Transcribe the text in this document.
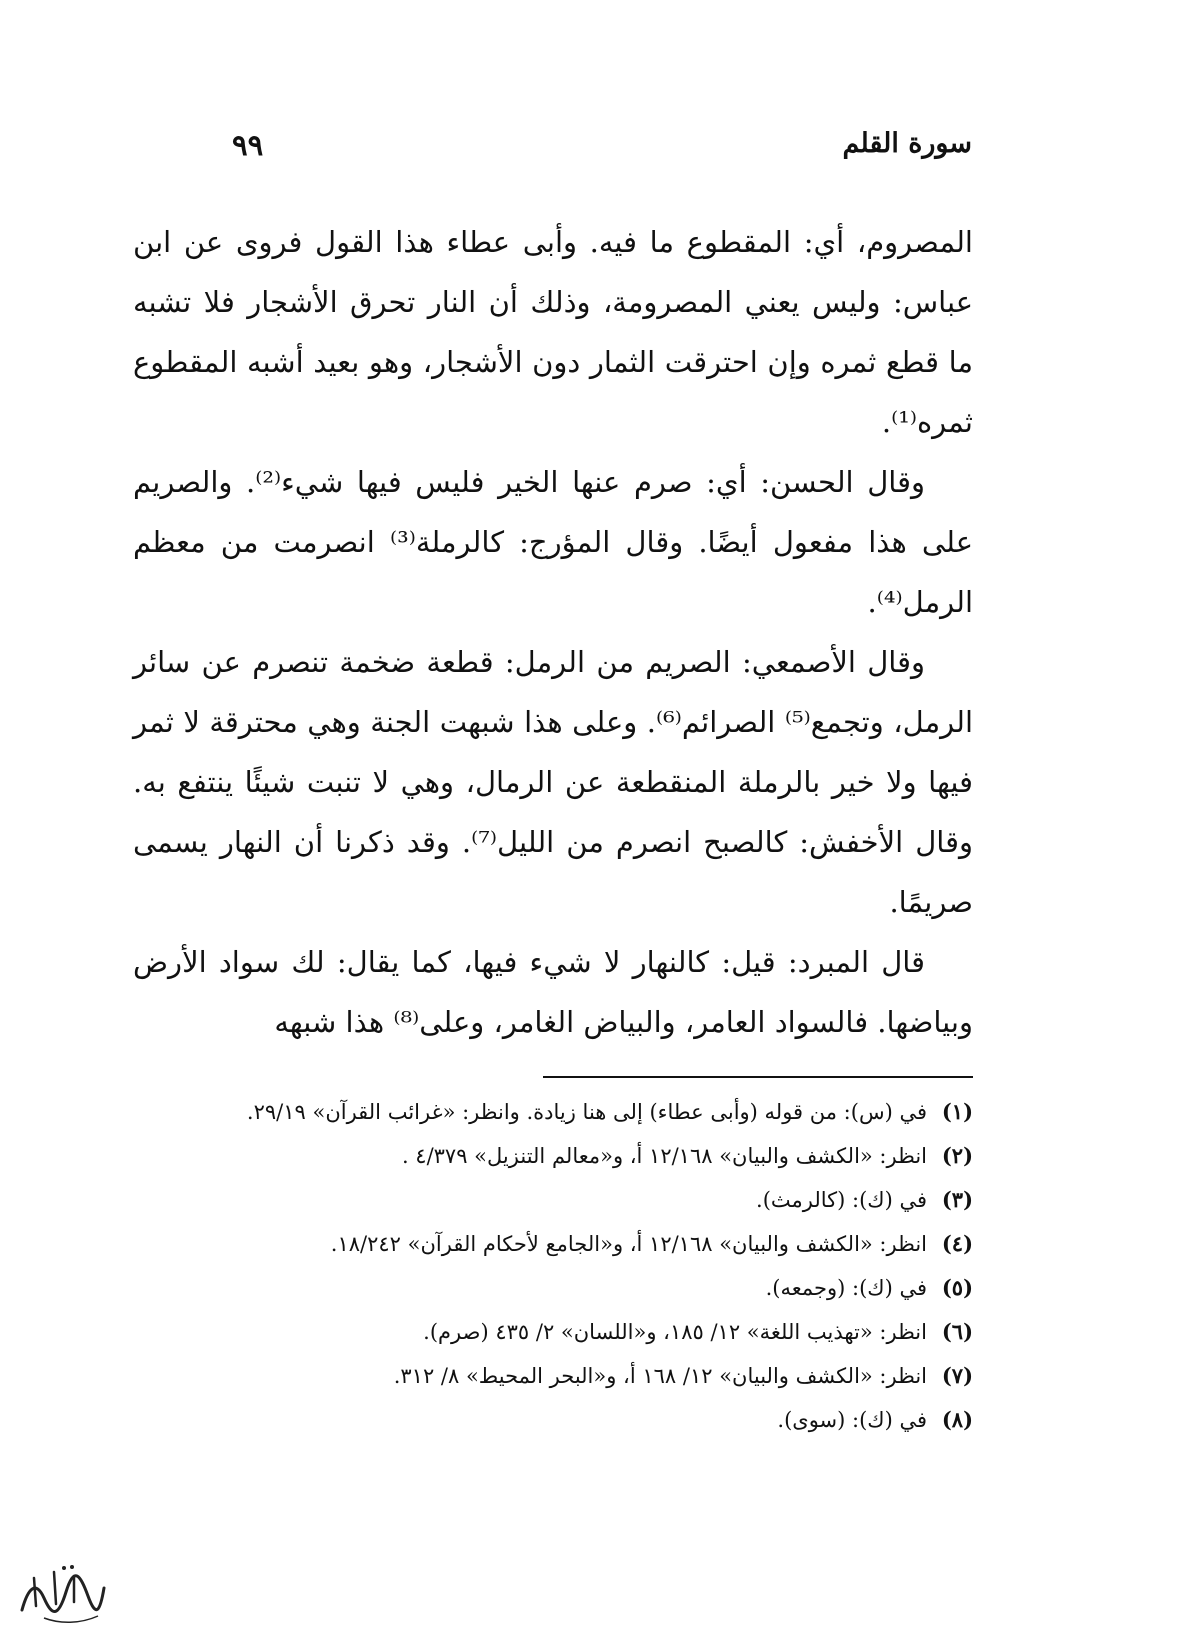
سورة القلم
٩٩

المصروم، أي: المقطوع ما فيه. وأبى عطاء هذا القول فروى عن ابن عباس: وليس يعني المصرومة، وذلك أن النار تحرق الأشجار فلا تشبه ما قطع ثمره وإن احترقت الثمار دون الأشجار، وهو بعيد أشبه المقطوع ثمره⁽¹⁾.

وقال الحسن: أي: صرم عنها الخير فليس فيها شيء⁽²⁾. والصريم على هذا مفعول أيضًا. وقال المؤرج: كالرملة⁽³⁾ انصرمت من معظم الرمل⁽⁴⁾.

وقال الأصمعي: الصريم من الرمل: قطعة ضخمة تنصرم عن سائر الرمل، وتجمع⁽⁵⁾ الصرائم⁽⁶⁾. وعلى هذا شبهت الجنة وهي محترقة لا ثمر فيها ولا خير بالرملة المنقطعة عن الرمال، وهي لا تنبت شيئًا ينتفع به. وقال الأخفش: كالصبح انصرم من الليل⁽⁷⁾. وقد ذكرنا أن النهار يسمى صريمًا.

قال المبرد: قيل: كالنهار لا شيء فيها، كما يقال: لك سواد الأرض وبياضها. فالسواد العامر، والبياض الغامر، وعلى⁽⁸⁾ هذا شبهه

(١)
في (س): من قوله (وأبى عطاء) إلى هنا زيادة. وانظر: «غرائب القرآن» ٢٩/١٩.
(٢)
انظر: «الكشف والبيان» ١٢/١٦٨ أ، و«معالم التنزيل» ٤/٣٧٩ .
(٣)
في (ك): (كالرمث).
(٤)
انظر: «الكشف والبيان» ١٢/١٦٨ أ، و«الجامع لأحكام القرآن» ١٨/٢٤٢.
(٥)
في (ك): (وجمعه).
(٦)
انظر: «تهذيب اللغة» ١٢/ ١٨٥، و«اللسان» ٢/ ٤٣٥ (صرم).
(٧)
انظر: «الكشف والبيان» ١٢/ ١٦٨ أ، و«البحر المحيط» ٨/ ٣١٢.
(٨)
في (ك): (سوى).
